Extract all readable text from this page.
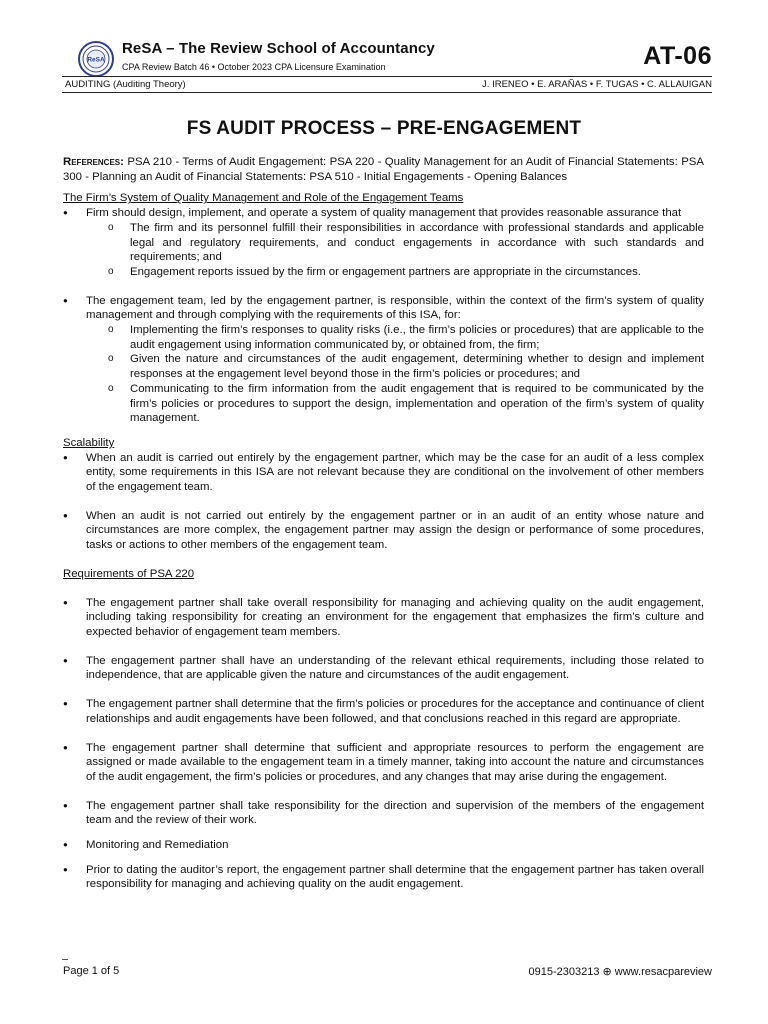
ReSA
ReSA – The Review School of Accountancy
CPA Review Batch 46 • October 2023 CPA Licensure Examination	AT-06
AUDITING (Auditing Theory)	J. IRENEO • E. ARAÑAS • F. TUGAS • C. ALLAUIGAN
FS AUDIT PROCESS – PRE-ENGAGEMENT

References: PSA 210 - Terms of Audit Engagement: PSA 220 - Quality Management for an Audit of Financial Statements: PSA 300 - Planning an Audit of Financial Statements: PSA 510 - Initial Engagements - Opening Balances

The Firm’s System of Quality Management and Role of the Engagement Teams

● Firm should design, implement, and operate a system of quality management that provides reasonable assurance that

o The firm and its personnel fulfill their responsibilities in accordance with professional standards and applicable legal and regulatory requirements, and conduct engagements in accordance with such standards and requirements; and

o Engagement reports issued by the firm or engagement partners are appropriate in the circumstances.

● The engagement team, led by the engagement partner, is responsible, within the context of the firm’s system of quality management and through complying with the requirements of this ISA, for:

o Implementing the firm’s responses to quality risks (i.e., the firm’s policies or procedures) that are applicable to the audit engagement using information communicated by, or obtained from, the firm;

o Given the nature and circumstances of the audit engagement, determining whether to design and implement responses at the engagement level beyond those in the firm’s policies or procedures; and

o Communicating to the firm information from the audit engagement that is required to be communicated by the firm’s policies or procedures to support the design, implementation and operation of the firm’s system of quality management.

Scalability

● When an audit is carried out entirely by the engagement partner, which may be the case for an audit of a less complex entity, some requirements in this ISA are not relevant because they are conditional on the involvement of other members of the engagement team.

● When an audit is not carried out entirely by the engagement partner or in an audit of an entity whose nature and circumstances are more complex, the engagement partner may assign the design or performance of some procedures, tasks or actions to other members of the engagement team.

Requirements of PSA 220

● The engagement partner shall take overall responsibility for managing and achieving quality on the audit engagement, including taking responsibility for creating an environment for the engagement that emphasizes the firm’s culture and expected behavior of engagement team members.

● The engagement partner shall have an understanding of the relevant ethical requirements, including those related to independence, that are applicable given the nature and circumstances of the audit engagement.

● The engagement partner shall determine that the firm’s policies or procedures for the acceptance and continuance of client relationships and audit engagements have been followed, and that conclusions reached in this regard are appropriate.

● The engagement partner shall determine that sufficient and appropriate resources to perform the engagement are assigned or made available to the engagement team in a timely manner, taking into account the nature and circumstances of the audit engagement, the firm’s policies or procedures, and any changes that may arise during the engagement.

● The engagement partner shall take responsibility for the direction and supervision of the members of the engagement team and the review of their work.

● Monitoring and Remediation

● Prior to dating the auditor’s report, the engagement partner shall determine that the engagement partner has taken overall responsibility for managing and achieving quality on the audit engagement.

Page 1 of 5	0915-2303213 ⊕ www.resacpareview
